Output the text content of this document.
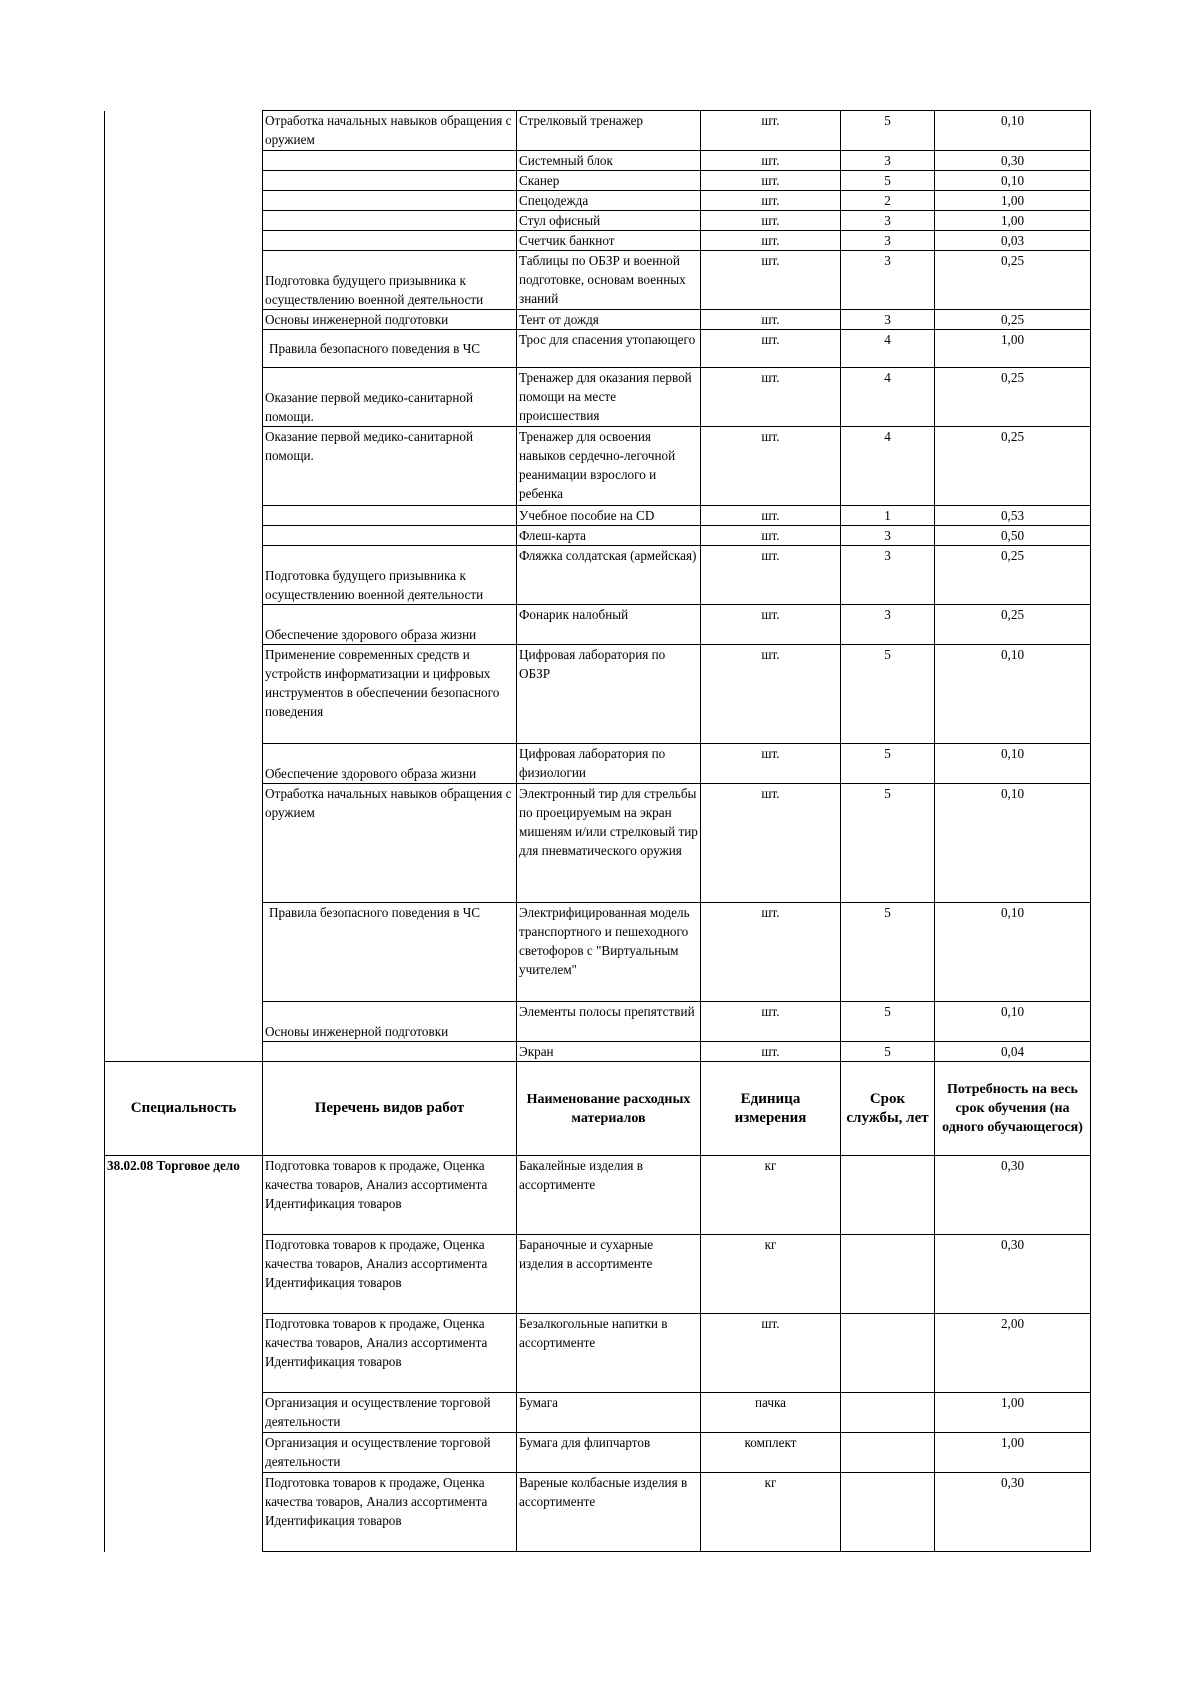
	Отработка начальных навыков обращения с оружием	Стрелковый тренажер	шт.	5	0,10
		Системный блок	шт.	3	0,30
		Сканер	шт.	5	0,10
		Спецодежда	шт.	2	1,00
		Стул офисный	шт.	3	1,00
		Счетчик банкнот	шт.	3	0,03
	Подготовка будущего призывника к осуществлению военной деятельности	Таблицы по ОБЗР и военной подготовке, основам военных знаний	шт.	3	0,25
	Основы инженерной подготовки	Тент от дождя	шт.	3	0,25
	Правила безопасного поведения в ЧС	Трос для спасения утопающего	шт.	4	1,00
	Оказание первой медико-санитарной помощи.	Тренажер для оказания первой помощи на месте происшествия	шт.	4	0,25
	Оказание первой медико-санитарной помощи.	Тренажер для освоения навыков сердечно-легочной реанимации взрослого и ребенка	шт.	4	0,25
		Учебное пособие на CD	шт.	1	0,53
		Флеш-карта	шт.	3	0,50
	Подготовка будущего призывника к осуществлению военной деятельности	Фляжка солдатская (армейская)	шт.	3	0,25
	Обеспечение здорового образа жизни	Фонарик налобный	шт.	3	0,25
	Применение современных средств и устройств информатизации и цифровых инструментов в обеспечении безопасного поведения	Цифровая лаборатория по ОБЗР	шт.	5	0,10
	Обеспечение здорового образа жизни	Цифровая лаборатория по физиологии	шт.	5	0,10
	Отработка начальных навыков обращения с оружием	Электронный тир для стрельбы по проецируемым на экран мишеням и/или стрелковый тир для пневматического оружия	шт.	5	0,10
	Правила безопасного поведения в ЧС	Электрифицированная модель транспортного и пешеходного светофоров с "Виртуальным учителем"	шт.	5	0,10
	Основы инженерной подготовки	Элементы полосы препятствий	шт.	5	0,10
		Экран	шт.	5	0,04
Специальность	Перечень видов работ	Наименование расходных материалов	Единица измерения	Срок службы, лет	Потребность на весь срок обучения (на одного обучающегося)
38.02.08 Торговое дело	Подготовка товаров к продаже, Оценка качества товаров, Анализ ассортимента Идентификация товаров	Бакалейные изделия в ассортименте	кг		0,30
	Подготовка товаров к продаже, Оценка качества товаров, Анализ ассортимента Идентификация товаров	Бараночные и сухарные изделия в ассортименте	кг		0,30
	Подготовка товаров к продаже, Оценка качества товаров, Анализ ассортимента Идентификация товаров	Безалкогольные напитки в ассортименте	шт.		2,00
	Организация и осуществление торговой деятельности	Бумага	пачка		1,00
	Организация и осуществление торговой деятельности	Бумага для флипчартов	комплект		1,00
	Подготовка товаров к продаже, Оценка качества товаров, Анализ ассортимента Идентификация товаров	Вареные колбасные изделия в ассортименте	кг		0,30
